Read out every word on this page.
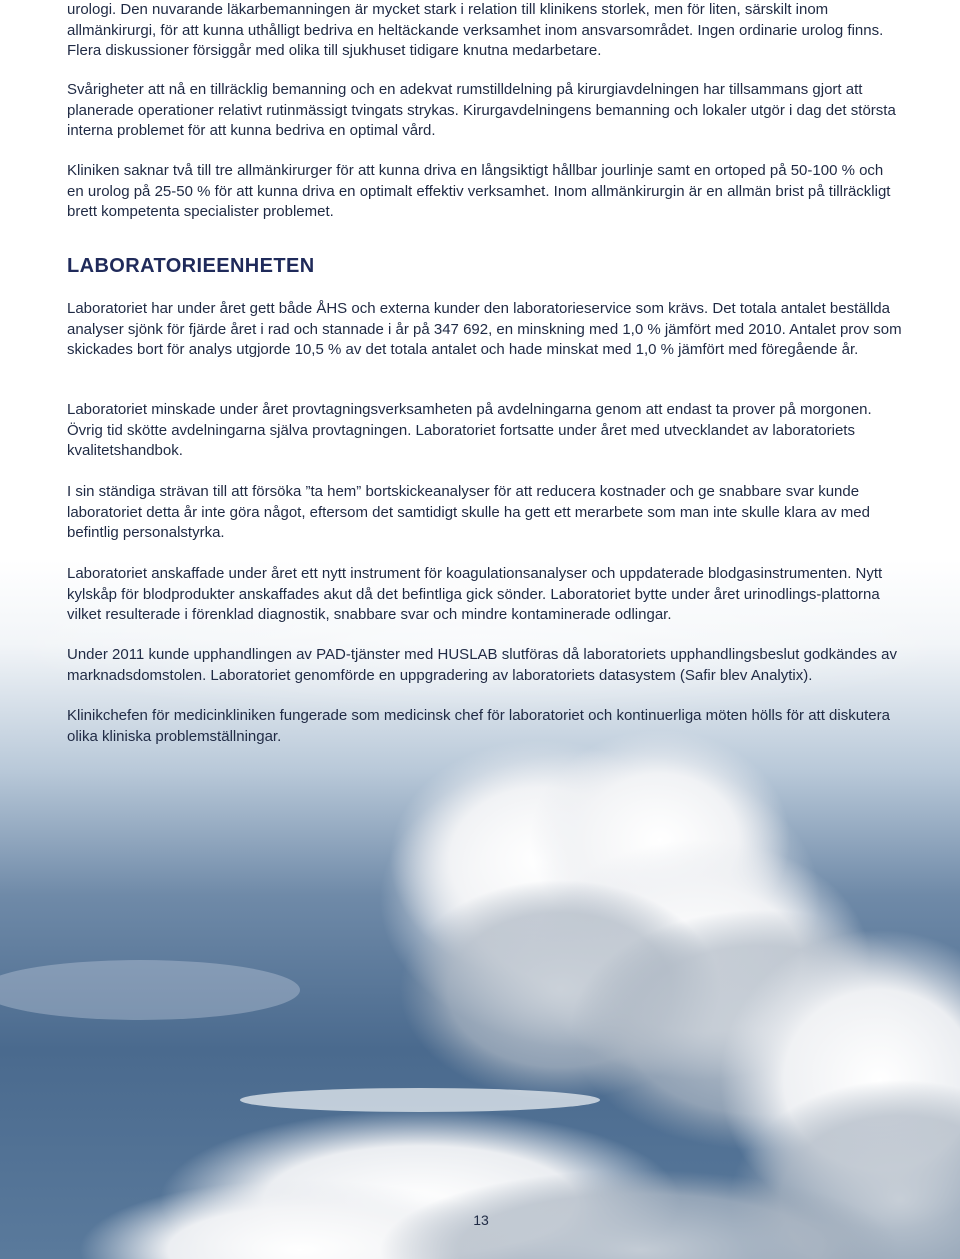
urologi. Den nuvarande läkarbemanningen är mycket stark i relation till klinikens storlek, men för liten, särskilt inom allmänkirurgi, för att kunna uthålligt bedriva en heltäckande verksamhet inom ansvarsområdet. Ingen ordinarie urolog finns. Flera diskussioner försiggår med olika till sjukhuset tidigare knutna medarbetare.

Svårigheter att nå en tillräcklig bemanning och en adekvat rumstilldelning på kirurgiavdelningen har tillsammans gjort att planerade operationer relativt rutinmässigt tvingats strykas. Kirurgavdelningens bemanning och lokaler utgör i dag det största interna problemet för att kunna bedriva en optimal vård.

Kliniken saknar två till tre allmänkirurger för att kunna driva en långsiktigt hållbar jourlinje samt en ortoped på 50-100 % och en urolog på 25-50 % för att kunna driva en optimalt effektiv verksamhet. Inom allmänkirurgin är en allmän brist på tillräckligt brett kompetenta specialister problemet.

LABORATORIEENHETEN

Laboratoriet har under året gett både ÅHS och externa kunder den laboratorieservice som krävs. Det totala antalet beställda analyser sjönk för fjärde året i rad och stannade i år på 347 692, en minskning med 1,0 % jämfört med 2010. Antalet prov som skickades bort för analys utgjorde 10,5 % av det totala antalet och hade minskat med 1,0 % jämfört med föregående år.

Laboratoriet minskade under året provtagningsverksamheten på avdelningarna genom att endast ta prover på morgonen. Övrig tid skötte avdelningarna själva provtagningen. Laboratoriet fortsatte under året med utvecklandet av laboratoriets kvalitetshandbok.

I sin ständiga strävan till att försöka ”ta hem” bortskickeanalyser för att reducera kostnader och ge snabbare svar kunde laboratoriet detta år inte göra något, eftersom det samtidigt skulle ha gett ett merarbete som man inte skulle klara av med befintlig personalstyrka.

Laboratoriet anskaffade under året ett nytt instrument för koagulationsanalyser och uppdaterade blodgasinstrumenten. Nytt kylskåp för blodprodukter anskaffades akut då det befintliga gick sönder. Laboratoriet bytte under året urinodlings-plattorna vilket resulterade i förenklad diagnostik, snabbare svar och mindre kontaminerade odlingar.

Under 2011 kunde upphandlingen av PAD-tjänster med HUSLAB slutföras då laboratoriets upphandlingsbeslut godkändes av marknadsdomstolen. Laboratoriet genomförde en uppgradering av laboratoriets datasystem (Safir blev Analytix).

Klinikchefen för medicinkliniken fungerade som medicinsk chef för laboratoriet och kontinuerliga möten hölls för att diskutera olika kliniska problemställningar.

13
